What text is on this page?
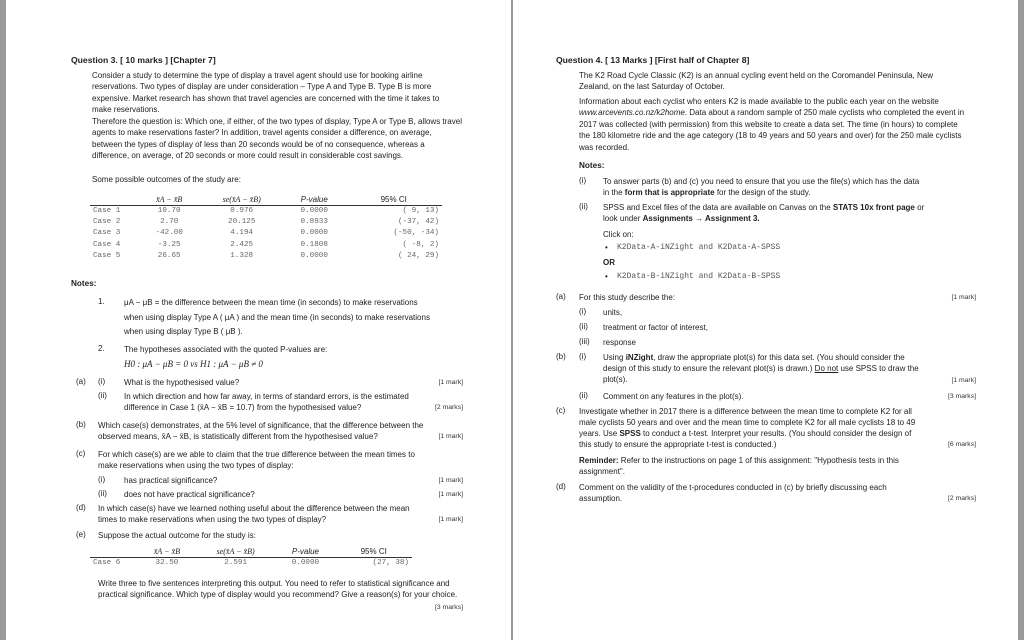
Question 3. [ 10 marks ] [Chapter 7]
Consider a study to determine the type of display a travel agent should use for booking airline reservations. Two types of display are under consideration – Type A and Type B. Type B is more expensive. Market research has shown that travel agencies are concerned with the time it takes to make reservations.
Therefore the question is: Which one, if either, of the two types of display, Type A or Type B, allows travel agents to make reservations faster? In addition, travel agents consider a difference, on average, between the types of display of less than 20 seconds would be of no consequence, whereas a difference, on average, of 20 seconds or more could result in considerable cost savings.
Some possible outcomes of the study are:
	x̄A − x̄B	se(x̄A − x̄B)	P-value	95% CI
Case 1	10.70	0.976	0.0000	( 9, 13)
Case 2	2.70	20.125	0.8933	(-37, 42)
Case 3	-42.00	4.194	0.0000	(-50, -34)
Case 4	-3.25	2.425	0.1808	( -8, 2)
Case 5	26.65	1.328	0.0000	( 24, 29)
Notes:
1. μA − μB = the difference between the mean time (in seconds) to make reservations
when using display Type A ( μA ) and the mean time (in seconds) to make reservations
when using display Type B ( μB ).
2. The hypotheses associated with the quoted P-values are:
H0 : μA − μB = 0 vs H1 : μA − μB ≠ 0
(a) (i) What is the hypothesised value?	[1 mark]
(ii) In which direction and how far away, in terms of standard errors, is the estimated
difference in Case 1 (x̄A − x̄B = 10.7) from the hypothesised value?	[2 marks]
(b) Which case(s) demonstrates, at the 5% level of significance, that the difference between the
observed means, x̄A − x̄B, is statistically different from the hypothesised value?	[1 mark]
(c) For which case(s) are we able to claim that the true difference between the mean times to
make reservations when using the two types of display:
(i) has practical significance?	[1 mark]
(ii) does not have practical significance?	[1 mark]
(d) In which case(s) have we learned nothing useful about the difference between the mean
times to make reservations when using the two types of display?	[1 mark]
(e) Suppose the actual outcome for the study is:
	x̄A − x̄B	se(x̄A − x̄B)	P-value	95% CI
Case 6	32.50	2.591	0.0000	(27, 38)
Write three to five sentences interpreting this output. You need to refer to statistical significance and practical significance. Which type of display would you recommend? Give a reason(s) for your choice.
[3 marks]
Question 4. [ 13 Marks ] [First half of Chapter 8]
The K2 Road Cycle Classic (K2) is an annual cycling event held on the Coromandel Peninsula, New Zealand, on the last Saturday of October.
Information about each cyclist who enters K2 is made available to the public each year on the website www.arcevents.co.nz/k2home. Data about a random sample of 250 male cyclists who completed the event in 2017 was collected (with permission) from this website to create a data set. The time (in hours) to complete the 180 kilometre ride and the age category (18 to 49 years and 50 years and over) for the 250 male cyclists was recorded.
Notes:
(i) To answer parts (b) and (c) you need to ensure that you use the file(s) which has the data
in the form that is appropriate for the design of the study.
(ii) SPSS and Excel files of the data are available on Canvas on the STATS 10x front page or
look under Assignments → Assignment 3.
Click on:
• K2Data-A-iNZight and K2Data-A-SPSS
OR
• K2Data-B-iNZight and K2Data-B-SPSS
(a) For this study describe the:	[1 mark]
(i) units,
(ii) treatment or factor of interest,
(iii) response
(b) (i) Using iNZight, draw the appropriate plot(s) for this data set. (You should consider the
design of this study to ensure the relevant plot(s) is drawn.) Do not use SPSS to draw the
plot(s).	[1 mark]
(ii) Comment on any features in the plot(s).	[3 marks]
(c) Investigate whether in 2017 there is a difference between the mean time to complete K2 for all
male cyclists 50 years and over and the mean time to complete K2 for all male cyclists 18 to 49
years. Use SPSS to conduct a t-test. Interpret your results. (You should consider the design of
this study to ensure the appropriate t-test is conducted.)	[6 marks]
Reminder: Refer to the instructions on page 1 of this assignment: "Hypothesis tests in this
assignment".
(d) Comment on the validity of the t-procedures conducted in (c) by briefly discussing each
assumption.	[2 marks]
